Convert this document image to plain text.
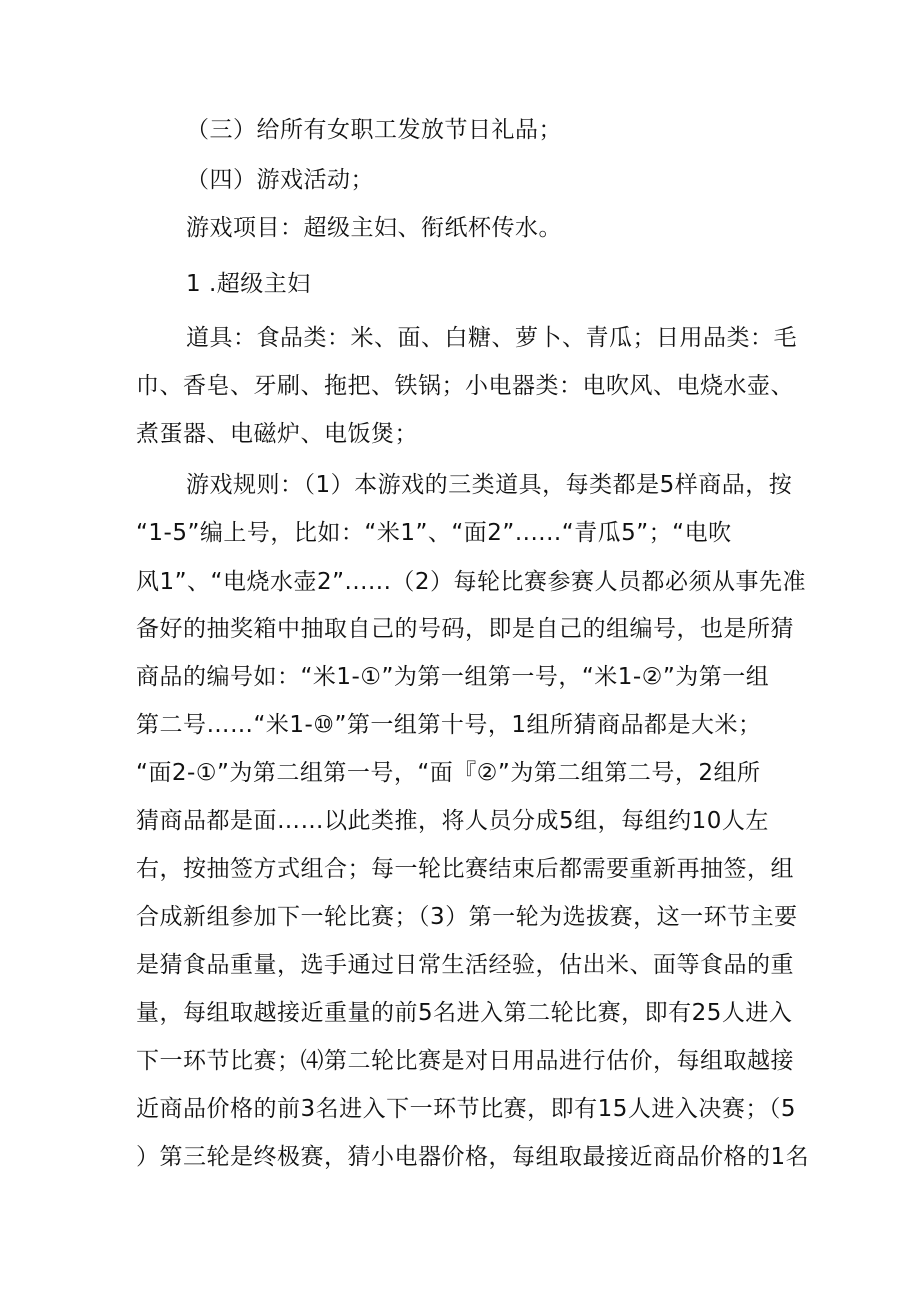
（三）给所有女职工发放节日礼品；

（四）游戏活动；

游戏项目：超级主妇、衔纸杯传水。

1 .超级主妇

道具：食品类：米、面、白糖、萝卜、青瓜；日用品类：毛

巾、香皂、牙刷、拖把、铁锅；小电器类：电吹风、电烧水壶、

煮蛋器、电磁炉、电饭煲；

游戏规则：（1）本游戏的三类道具，每类都是5样商品，按

“1-5”编上号，比如：“米1”、“面2”......“青瓜5”；“电吹

风1”、“电烧水壶2”......（2）每轮比赛参赛人员都必须从事先准

备好的抽奖箱中抽取自己的号码，即是自己的组编号，也是所猜

商品的编号如：“米1-①”为第一组第一号，“米1-②”为第一组

第二号……“米1-⑩”第一组第十号，1组所猜商品都是大米；

“面2-①”为第二组第一号，“面『②”为第二组第二号，2组所

猜商品都是面……以此类推，将人员分成5组，每组约10人左

右，按抽签方式组合；每一轮比赛结束后都需要重新再抽签，组

合成新组参加下一轮比赛；（3）第一轮为选拔赛，这一环节主要

是猜食品重量，选手通过日常生活经验，估出米、面等食品的重

量，每组取越接近重量的前5名进入第二轮比赛，即有25人进入

下一环节比赛；⑷第二轮比赛是对日用品进行估价，每组取越接

近商品价格的前3名进入下一环节比赛，即有15人进入决赛；（5

）第三轮是终极赛，猜小电器价格，每组取最接近商品价格的1名
